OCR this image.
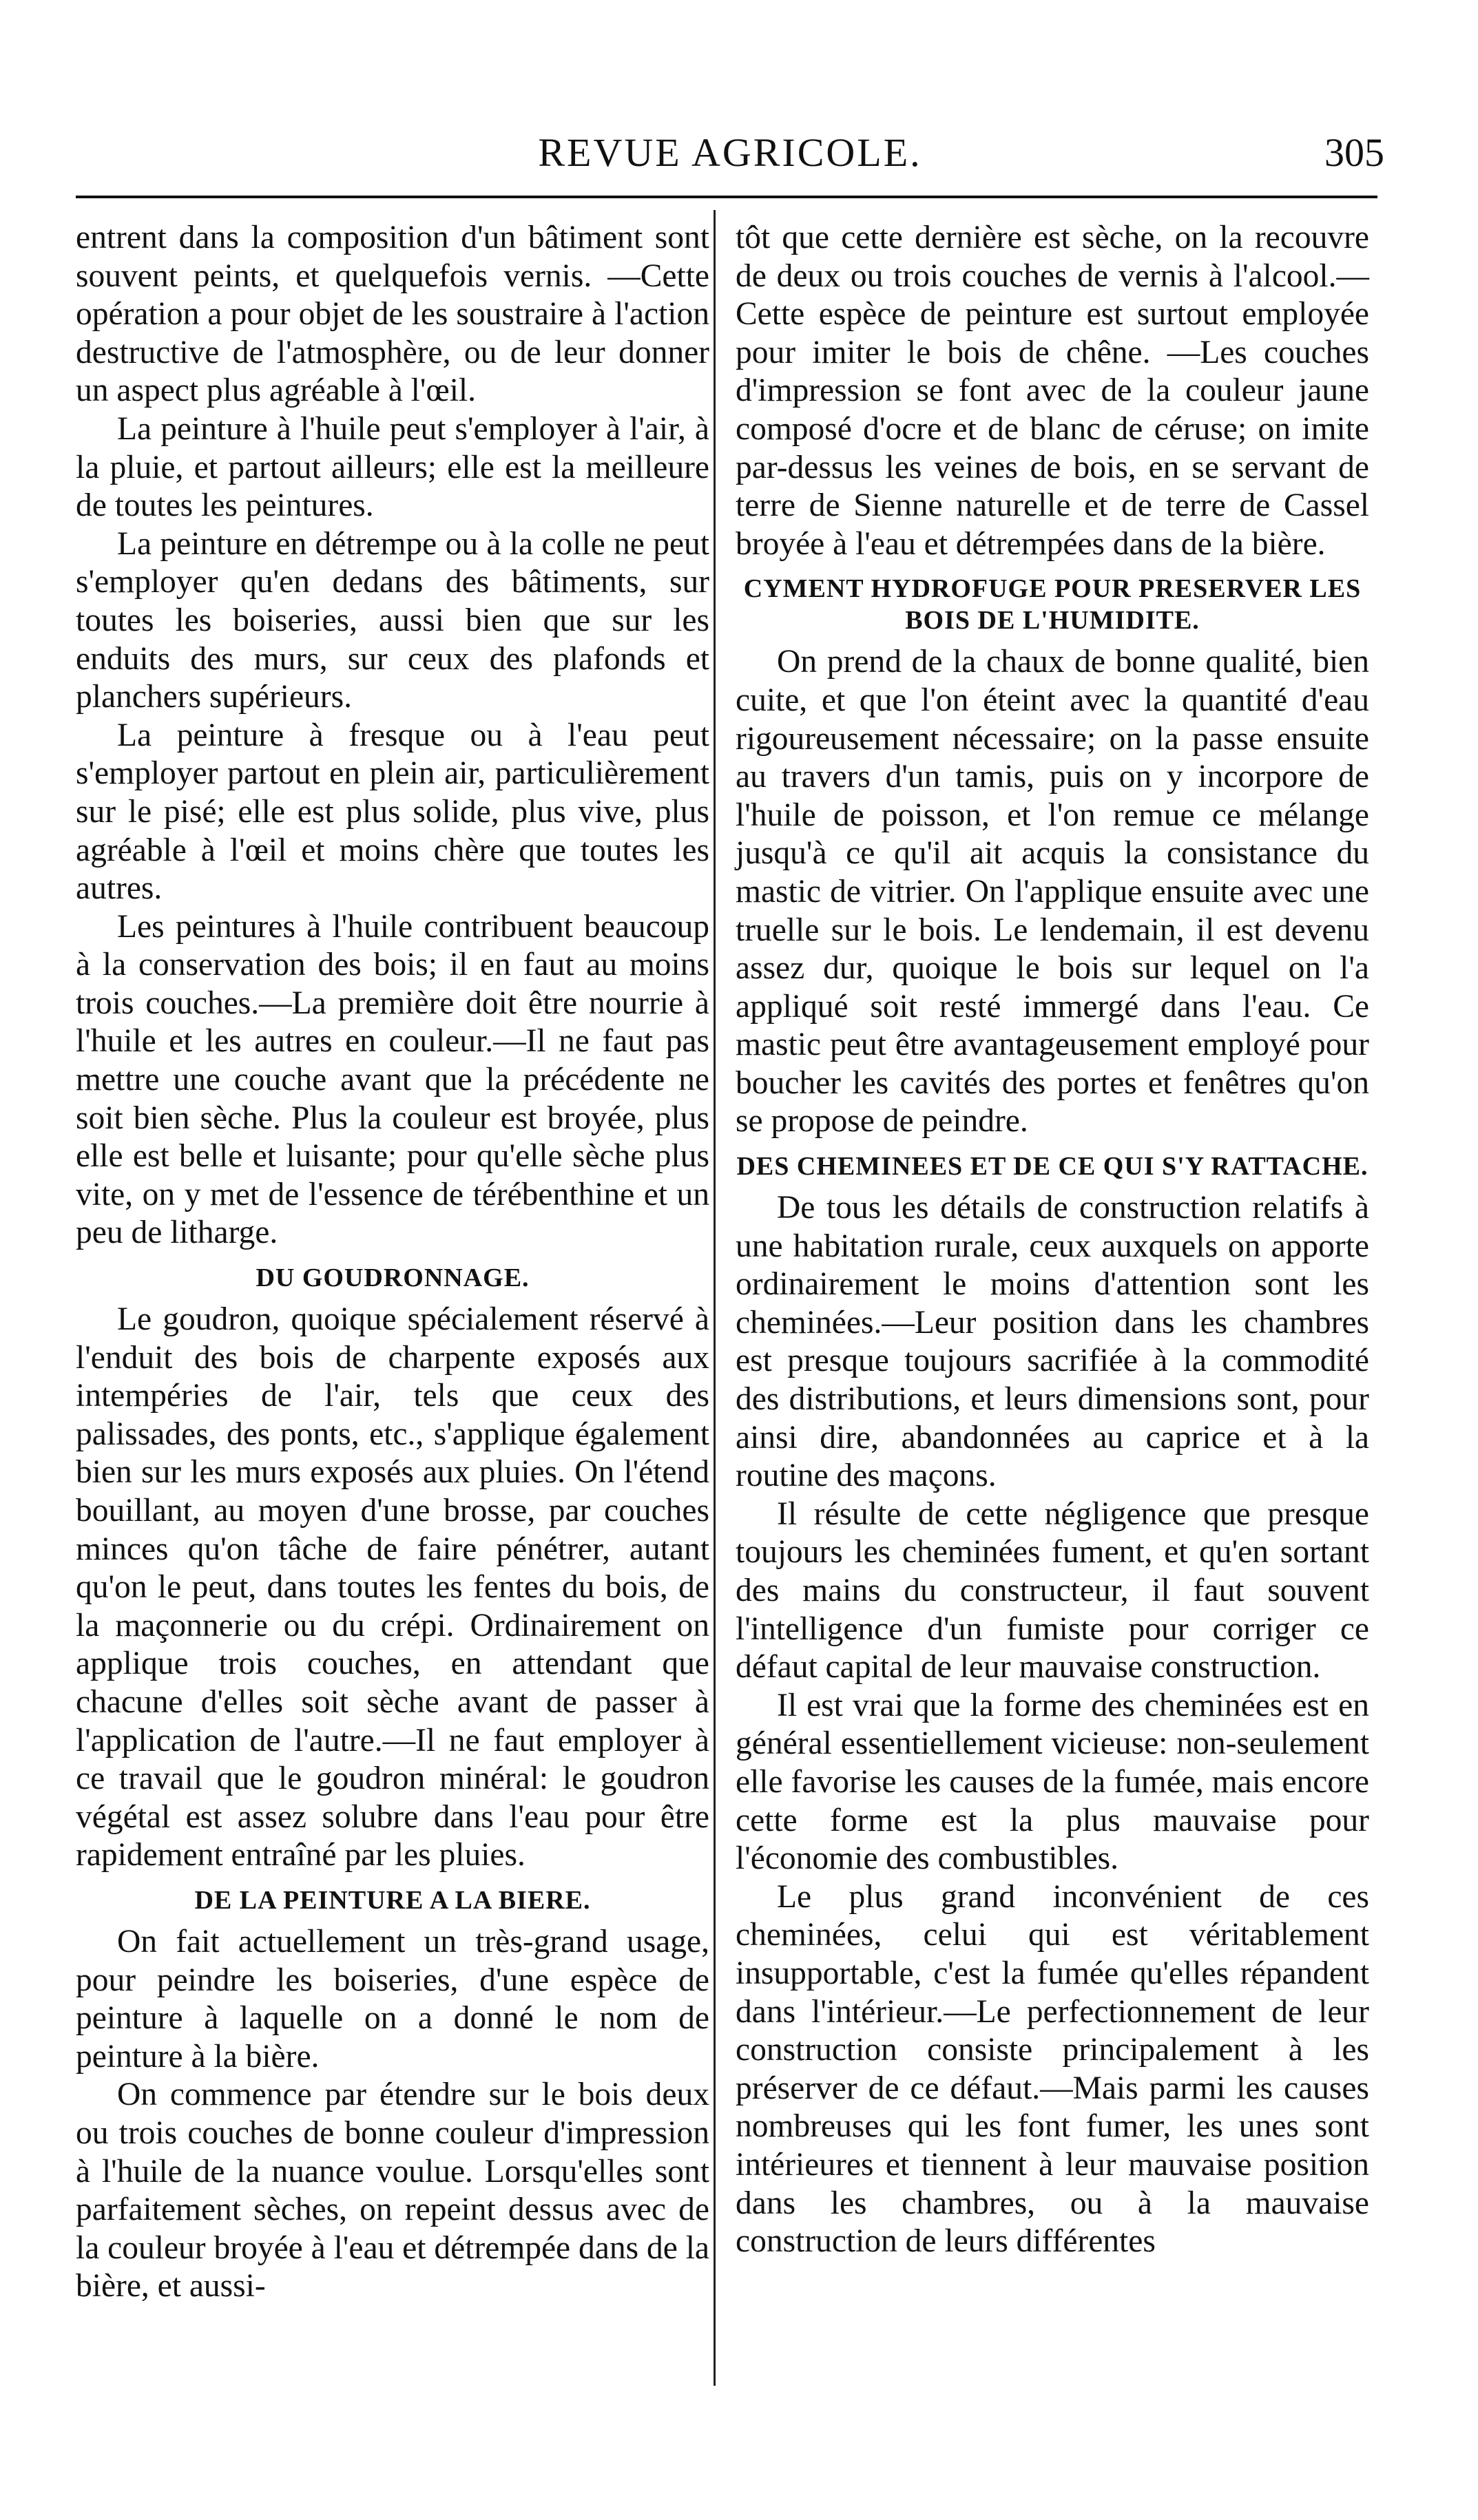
REVUE AGRICOLE.	305

entrent dans la composition d'un bâtiment sont souvent peints, et quelquefois vernis. —Cette opération a pour objet de les soustraire à l'action destructive de l'atmosphère, ou de leur donner un aspect plus agréable à l'œil.

La peinture à l'huile peut s'employer à l'air, à la pluie, et partout ailleurs; elle est la meilleure de toutes les peintures.

La peinture en détrempe ou à la colle ne peut s'employer qu'en dedans des bâtiments, sur toutes les boiseries, aussi bien que sur les enduits des murs, sur ceux des plafonds et planchers supérieurs.

La peinture à fresque ou à l'eau peut s'employer partout en plein air, particulièrement sur le pisé; elle est plus solide, plus vive, plus agréable à l'œil et moins chère que toutes les autres.

Les peintures à l'huile contribuent beaucoup à la conservation des bois; il en faut au moins trois couches.—La première doit être nourrie à l'huile et les autres en couleur.—Il ne faut pas mettre une couche avant que la précédente ne soit bien sèche. Plus la couleur est broyée, plus elle est belle et luisante; pour qu'elle sèche plus vite, on y met de l'essence de térébenthine et un peu de litharge.

DU GOUDRONNAGE.

Le goudron, quoique spécialement réservé à l'enduit des bois de charpente exposés aux intempéries de l'air, tels que ceux des palissades, des ponts, etc., s'applique également bien sur les murs exposés aux pluies. On l'étend bouillant, au moyen d'une brosse, par couches minces qu'on tâche de faire pénétrer, autant qu'on le peut, dans toutes les fentes du bois, de la maçonnerie ou du crépi. Ordinairement on applique trois couches, en attendant que chacune d'elles soit sèche avant de passer à l'application de l'autre.—Il ne faut employer à ce travail que le goudron minéral: le goudron végétal est assez solubre dans l'eau pour être rapidement entraîné par les pluies.

DE LA PEINTURE A LA BIERE.

On fait actuellement un très-grand usage, pour peindre les boiseries, d'une espèce de peinture à laquelle on a donné le nom de peinture à la bière.

On commence par étendre sur le bois deux ou trois couches de bonne couleur d'impression à l'huile de la nuance voulue. Lorsqu'elles sont parfaitement sèches, on repeint dessus avec de la couleur broyée à l'eau et détrempée dans de la bière, et aussi-

tôt que cette dernière est sèche, on la recouvre de deux ou trois couches de vernis à l'alcool.—Cette espèce de peinture est surtout employée pour imiter le bois de chêne. —Les couches d'impression se font avec de la couleur jaune composé d'ocre et de blanc de céruse; on imite par-dessus les veines de bois, en se servant de terre de Sienne naturelle et de terre de Cassel broyée à l'eau et détrempées dans de la bière.

CYMENT HYDROFUGE POUR PRESERVER LES BOIS DE L'HUMIDITE.

On prend de la chaux de bonne qualité, bien cuite, et que l'on éteint avec la quantité d'eau rigoureusement nécessaire; on la passe ensuite au travers d'un tamis, puis on y incorpore de l'huile de poisson, et l'on remue ce mélange jusqu'à ce qu'il ait acquis la consistance du mastic de vitrier. On l'applique ensuite avec une truelle sur le bois. Le lendemain, il est devenu assez dur, quoique le bois sur lequel on l'a appliqué soit resté immergé dans l'eau. Ce mastic peut être avantageusement employé pour boucher les cavités des portes et fenêtres qu'on se propose de peindre.

DES CHEMINEES ET DE CE QUI S'Y RATTACHE.

De tous les détails de construction relatifs à une habitation rurale, ceux auxquels on apporte ordinairement le moins d'attention sont les cheminées.—Leur position dans les chambres est presque toujours sacrifiée à la commodité des distributions, et leurs dimensions sont, pour ainsi dire, abandonnées au caprice et à la routine des maçons.

Il résulte de cette négligence que presque toujours les cheminées fument, et qu'en sortant des mains du constructeur, il faut souvent l'intelligence d'un fumiste pour corriger ce défaut capital de leur mauvaise construction.

Il est vrai que la forme des cheminées est en général essentiellement vicieuse: non-seulement elle favorise les causes de la fumée, mais encore cette forme est la plus mauvaise pour l'économie des combustibles.

Le plus grand inconvénient de ces cheminées, celui qui est véritablement insupportable, c'est la fumée qu'elles répandent dans l'intérieur.—Le perfectionnement de leur construction consiste principalement à les préserver de ce défaut.—Mais parmi les causes nombreuses qui les font fumer, les unes sont intérieures et tiennent à leur mauvaise position dans les chambres, ou à la mauvaise construction de leurs différentes
